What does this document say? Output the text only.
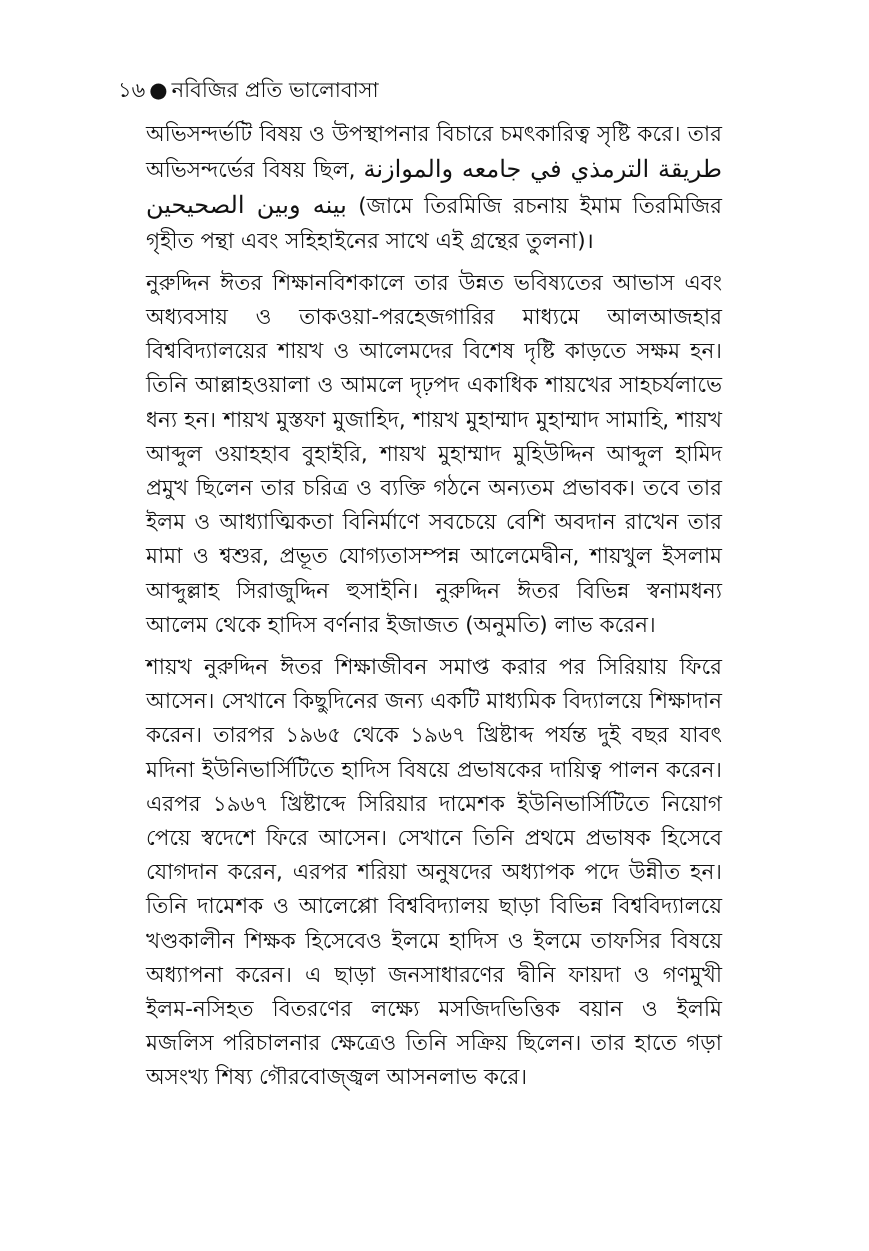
১৬ ● নবিজির প্রতি ভালোবাসা

অভিসন্দর্ভটি বিষয় ও উপস্থাপনার বিচারে চমৎকারিত্ব সৃষ্টি করে। তার অভিসন্দর্ভের বিষয় ছিল, طريقة الترمذي في جامعه والموازنة بينه وبين الصحيحين (জামে তিরমিজি রচনায় ইমাম তিরমিজির গৃহীত পন্থা এবং সহিহাইনের সাথে এই গ্রন্থের তুলনা)।

নুরুদ্দিন ঈতর শিক্ষানবিশকালে তার উন্নত ভবিষ্যতের আভাস এবং অধ্যবসায় ও তাকওয়া-পরহেজগারির মাধ্যমে আলআজহার বিশ্ববিদ্যালয়ের শায়খ ও আলেমদের বিশেষ দৃষ্টি কাড়তে সক্ষম হন। তিনি আল্লাহওয়ালা ও আমলে দৃঢ়পদ একাধিক শায়খের সাহচর্যলাভে ধন্য হন। শায়খ মুস্তফা মুজাহিদ, শায়খ মুহাম্মাদ মুহাম্মাদ সামাহি, শায়খ আব্দুল ওয়াহহাব বুহাইরি, শায়খ মুহাম্মাদ মুহিউদ্দিন আব্দুল হামিদ প্রমুখ ছিলেন তার চরিত্র ও ব্যক্তি গঠনে অন্যতম প্রভাবক। তবে তার ইলম ও আধ্যাত্মিকতা বিনির্মাণে সবচেয়ে বেশি অবদান রাখেন তার মামা ও শ্বশুর, প্রভূত যোগ্যতাসম্পন্ন আলেমেদ্বীন, শায়খুল ইসলাম আব্দুল্লাহ সিরাজুদ্দিন হুসাইনি। নুরুদ্দিন ঈতর বিভিন্ন স্বনামধন্য আলেম থেকে হাদিস বর্ণনার ইজাজত (অনুমতি) লাভ করেন।

শায়খ নুরুদ্দিন ঈতর শিক্ষাজীবন সমাপ্ত করার পর সিরিয়ায় ফিরে আসেন। সেখানে কিছুদিনের জন্য একটি মাধ্যমিক বিদ্যালয়ে শিক্ষাদান করেন। তারপর ১৯৬৫ থেকে ১৯৬৭ খ্রিষ্টাব্দ পর্যন্ত দুই বছর যাবৎ মদিনা ইউনিভার্সিটিতে হাদিস বিষয়ে প্রভাষকের দায়িত্ব পালন করেন। এরপর ১৯৬৭ খ্রিষ্টাব্দে সিরিয়ার দামেশক ইউনিভার্সিটিতে নিয়োগ পেয়ে স্বদেশে ফিরে আসেন। সেখানে তিনি প্রথমে প্রভাষক হিসেবে যোগদান করেন, এরপর শরিয়া অনুষদের অধ্যাপক পদে উন্নীত হন। তিনি দামেশক ও আলেপ্পো বিশ্ববিদ্যালয় ছাড়া বিভিন্ন বিশ্ববিদ্যালয়ে খণ্ডকালীন শিক্ষক হিসেবেও ইলমে হাদিস ও ইলমে তাফসির বিষয়ে অধ্যাপনা করেন। এ ছাড়া জনসাধারণের দ্বীনি ফায়দা ও গণমুখী ইলম-নসিহত বিতরণের লক্ষ্যে মসজিদভিত্তিক বয়ান ও ইলমি মজলিস পরিচালনার ক্ষেত্রেও তিনি সক্রিয় ছিলেন। তার হাতে গড়া অসংখ্য শিষ্য গৌরবোজ্জ্বল আসনলাভ করে।
